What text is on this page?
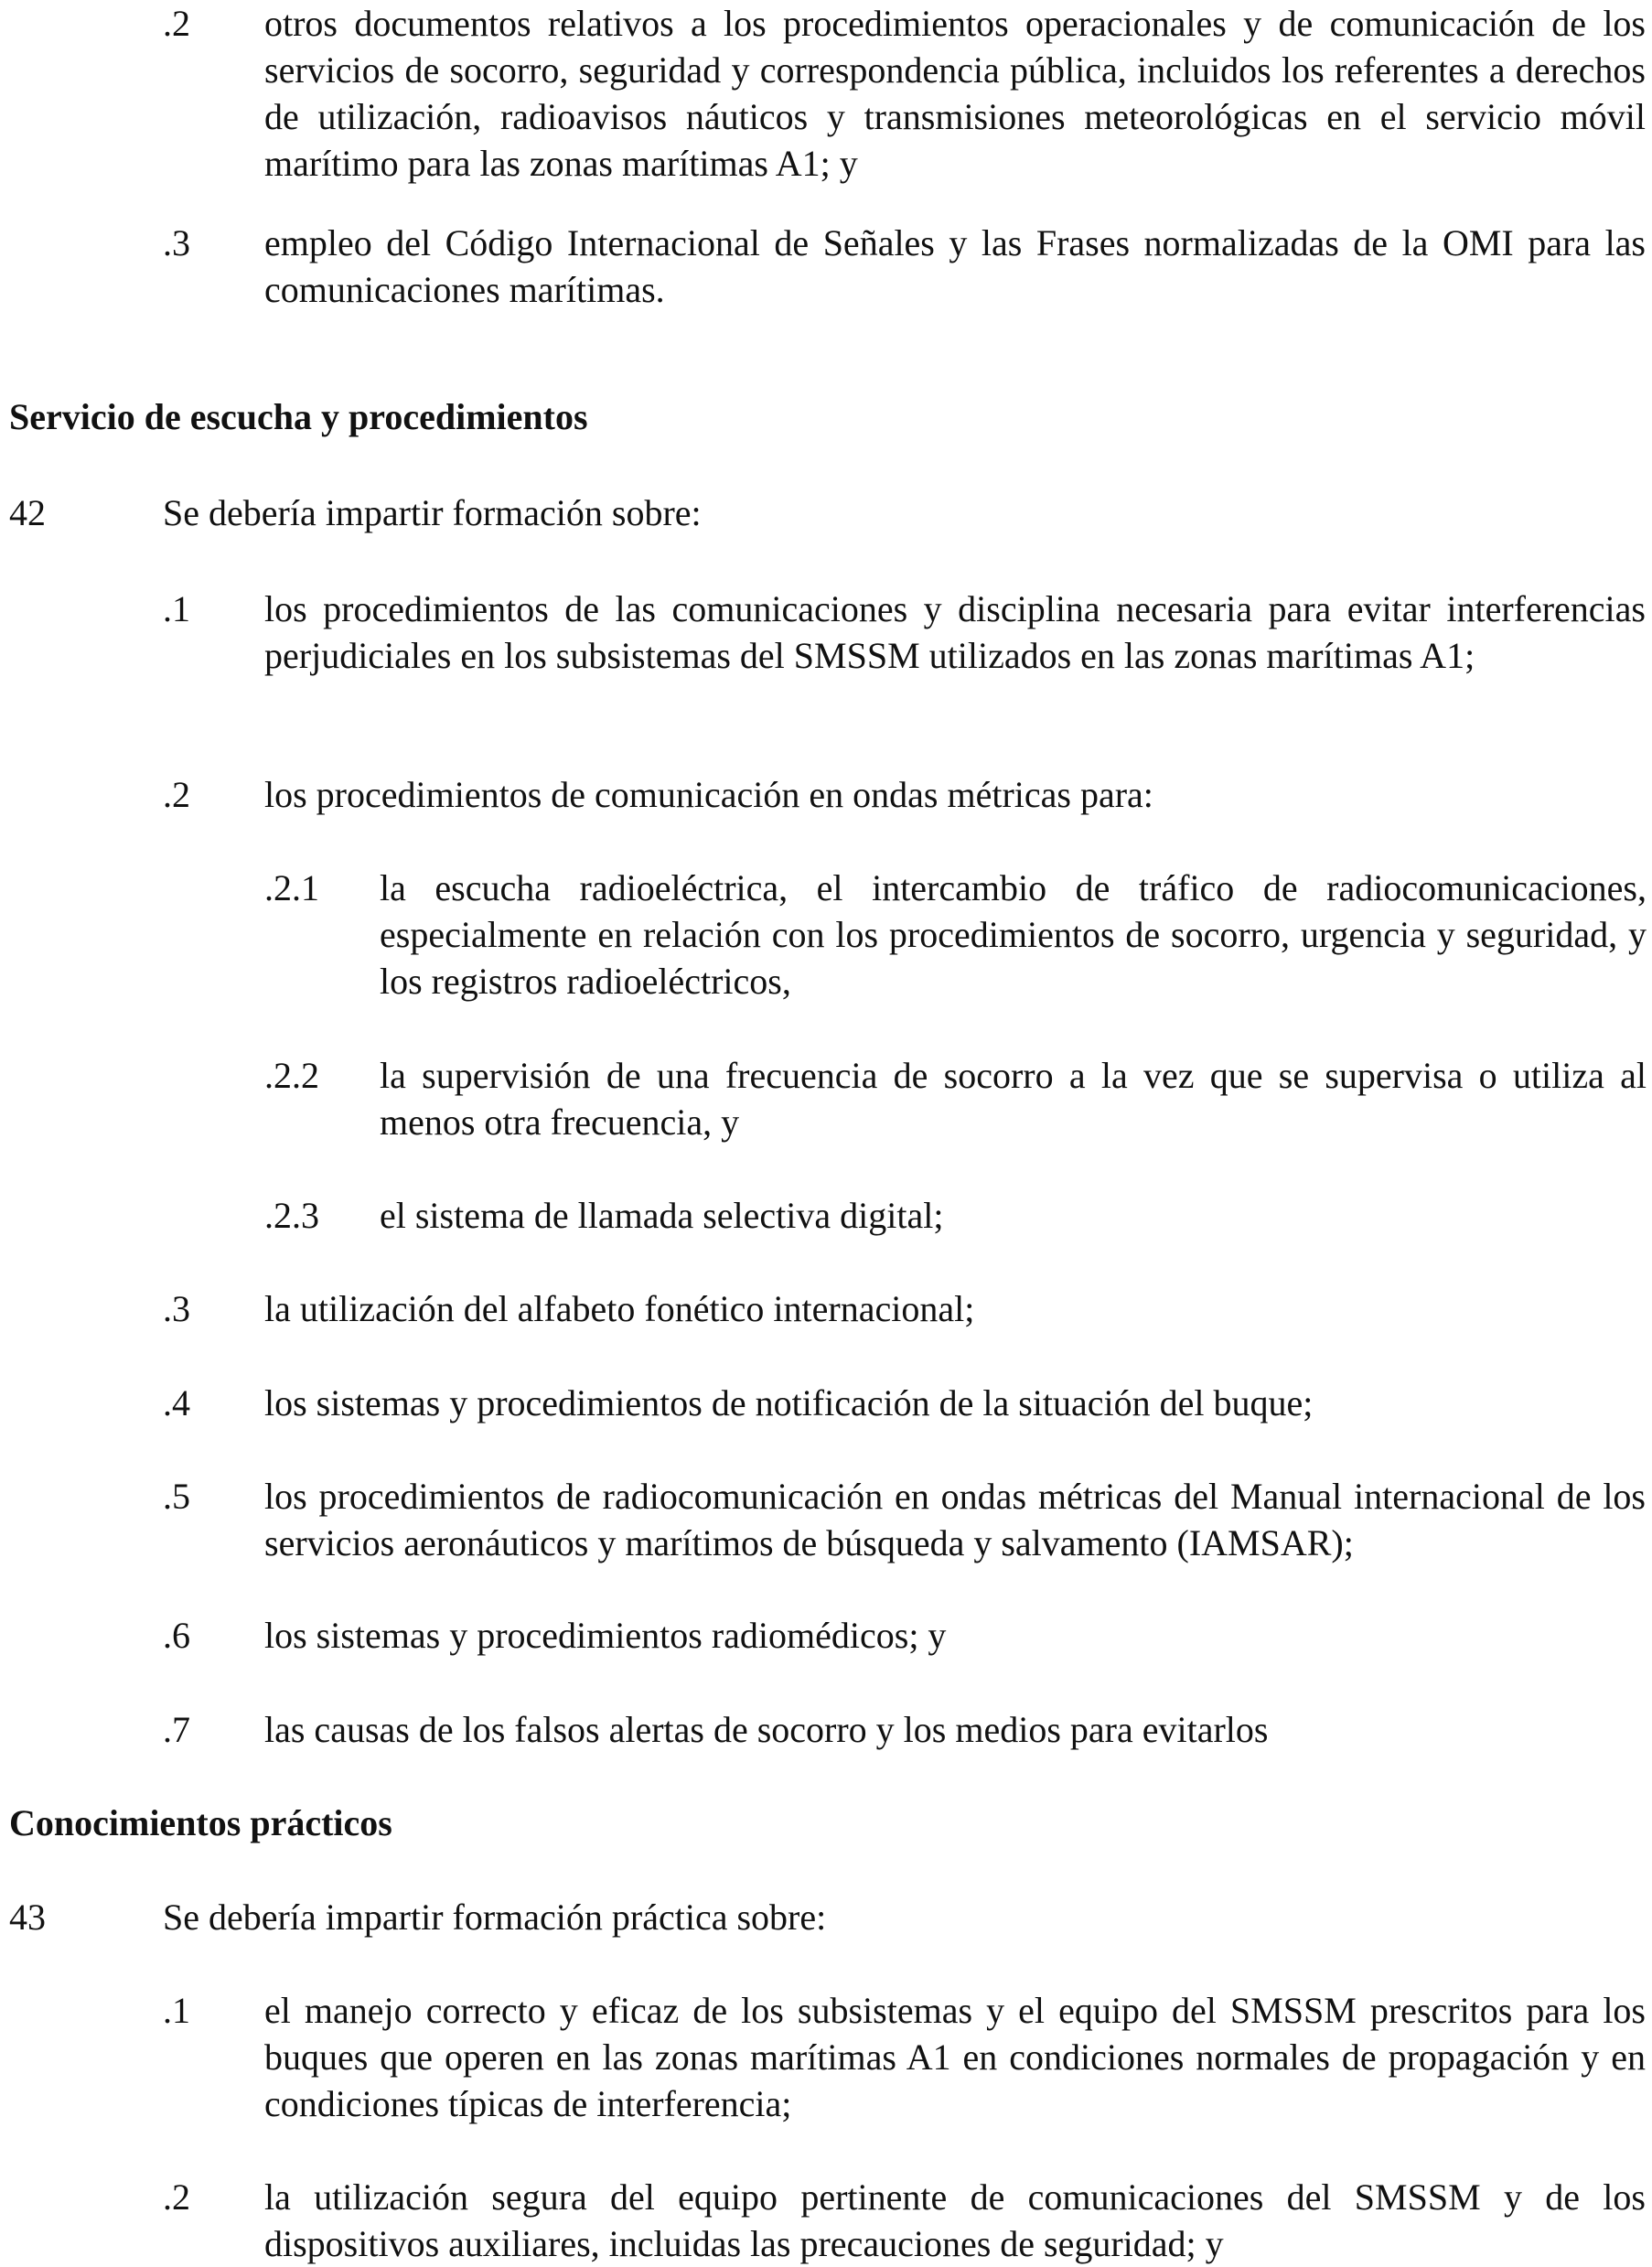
.2 otros documentos relativos a los procedimientos operacionales y de comunicación de los servicios de socorro, seguridad y correspondencia pública, incluidos los referentes a derechos de utilización, radioavisos náuticos y transmisiones meteorológicas en el servicio móvil marítimo para las zonas marítimas A1; y
.3 empleo del Código Internacional de Señales y las Frases normalizadas de la OMI para las comunicaciones marítimas.
Servicio de escucha y procedimientos
42	Se debería impartir formación sobre:
.1 los procedimientos de las comunicaciones y disciplina necesaria para evitar interferencias perjudiciales en los subsistemas del SMSSM utilizados en las zonas marítimas A1;
.2 los procedimientos de comunicación en ondas métricas para:
.2.1 la escucha radioeléctrica, el intercambio de tráfico de radiocomunicaciones, especialmente en relación con los procedimientos de socorro, urgencia y seguridad, y los registros radioeléctricos,
.2.2 la supervisión de una frecuencia de socorro a la vez que se supervisa o utiliza al menos otra frecuencia, y
.2.3 el sistema de llamada selectiva digital;
.3 la utilización del alfabeto fonético internacional;
.4 los sistemas y procedimientos de notificación de la situación del buque;
.5 los procedimientos de radiocomunicación en ondas métricas del Manual internacional de los servicios aeronáuticos y marítimos de búsqueda y salvamento (IAMSAR);
.6 los sistemas y procedimientos radiomédicos; y
.7 las causas de los falsos alertas de socorro y los medios para evitarlos
Conocimientos prácticos
43	Se debería impartir formación práctica sobre:
.1 el manejo correcto y eficaz de los subsistemas y el equipo del SMSSM prescritos para los buques que operen en las zonas marítimas A1 en condiciones normales de propagación y en condiciones típicas de interferencia;
.2 la utilización segura del equipo pertinente de comunicaciones del SMSSM y de los dispositivos auxiliares, incluidas las precauciones de seguridad; y
